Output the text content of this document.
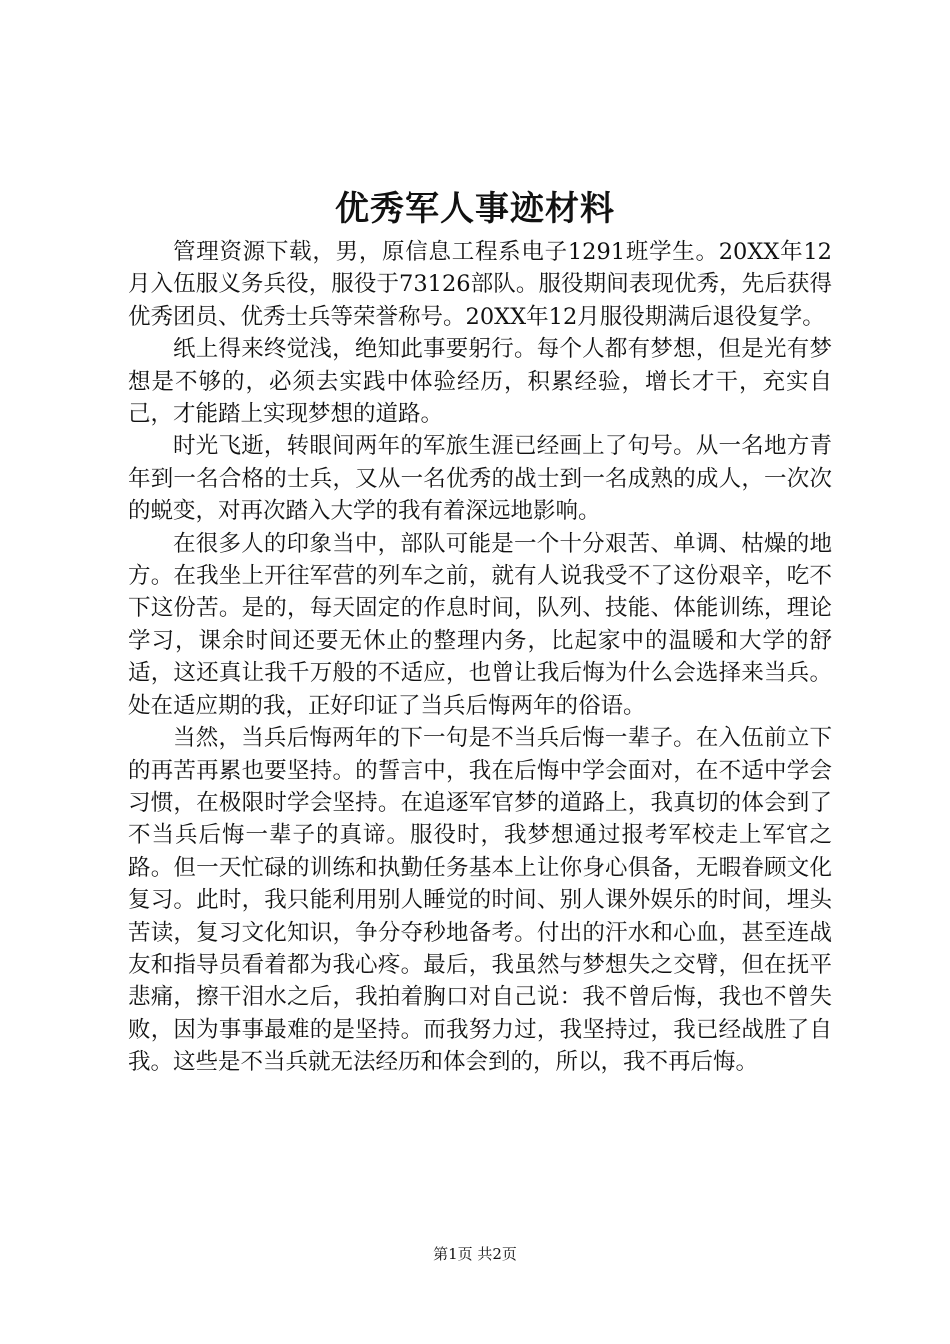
优秀军人事迹材料

管理资源下载，男，原信息工程系电子1291班学生。20XX年12月入伍服义务兵役，服役于73126部队。服役期间表现优秀，先后获得优秀团员、优秀士兵等荣誉称号。20XX年12月服役期满后退役复学。

纸上得来终觉浅，绝知此事要躬行。每个人都有梦想，但是光有梦想是不够的，必须去实践中体验经历，积累经验，增长才干，充实自己，才能踏上实现梦想的道路。

时光飞逝，转眼间两年的军旅生涯已经画上了句号。从一名地方青年到一名合格的士兵，又从一名优秀的战士到一名成熟的成人，一次次的蜕变，对再次踏入大学的我有着深远地影响。

在很多人的印象当中，部队可能是一个十分艰苦、单调、枯燥的地方。在我坐上开往军营的列车之前，就有人说我受不了这份艰辛，吃不下这份苦。是的，每天固定的作息时间，队列、技能、体能训练，理论学习，课余时间还要无休止的整理内务，比起家中的温暖和大学的舒适，这还真让我千万般的不适应，也曾让我后悔为什么会选择来当兵。处在适应期的我，正好印证了当兵后悔两年的俗语。

当然，当兵后悔两年的下一句是不当兵后悔一辈子。在入伍前立下的再苦再累也要坚持。的誓言中，我在后悔中学会面对，在不适中学会习惯，在极限时学会坚持。在追逐军官梦的道路上，我真切的体会到了不当兵后悔一辈子的真谛。服役时，我梦想通过报考军校走上军官之路。但一天忙碌的训练和执勤任务基本上让你身心俱备，无暇眷顾文化复习。此时，我只能利用别人睡觉的时间、别人课外娱乐的时间，埋头苦读，复习文化知识，争分夺秒地备考。付出的汗水和心血，甚至连战友和指导员看着都为我心疼。最后，我虽然与梦想失之交臂，但在抚平悲痛，擦干泪水之后，我拍着胸口对自己说：我不曾后悔，我也不曾失败，因为事事最难的是坚持。而我努力过，我坚持过，我已经战胜了自我。这些是不当兵就无法经历和体会到的，所以，我不再后悔。

第1页 共2页
